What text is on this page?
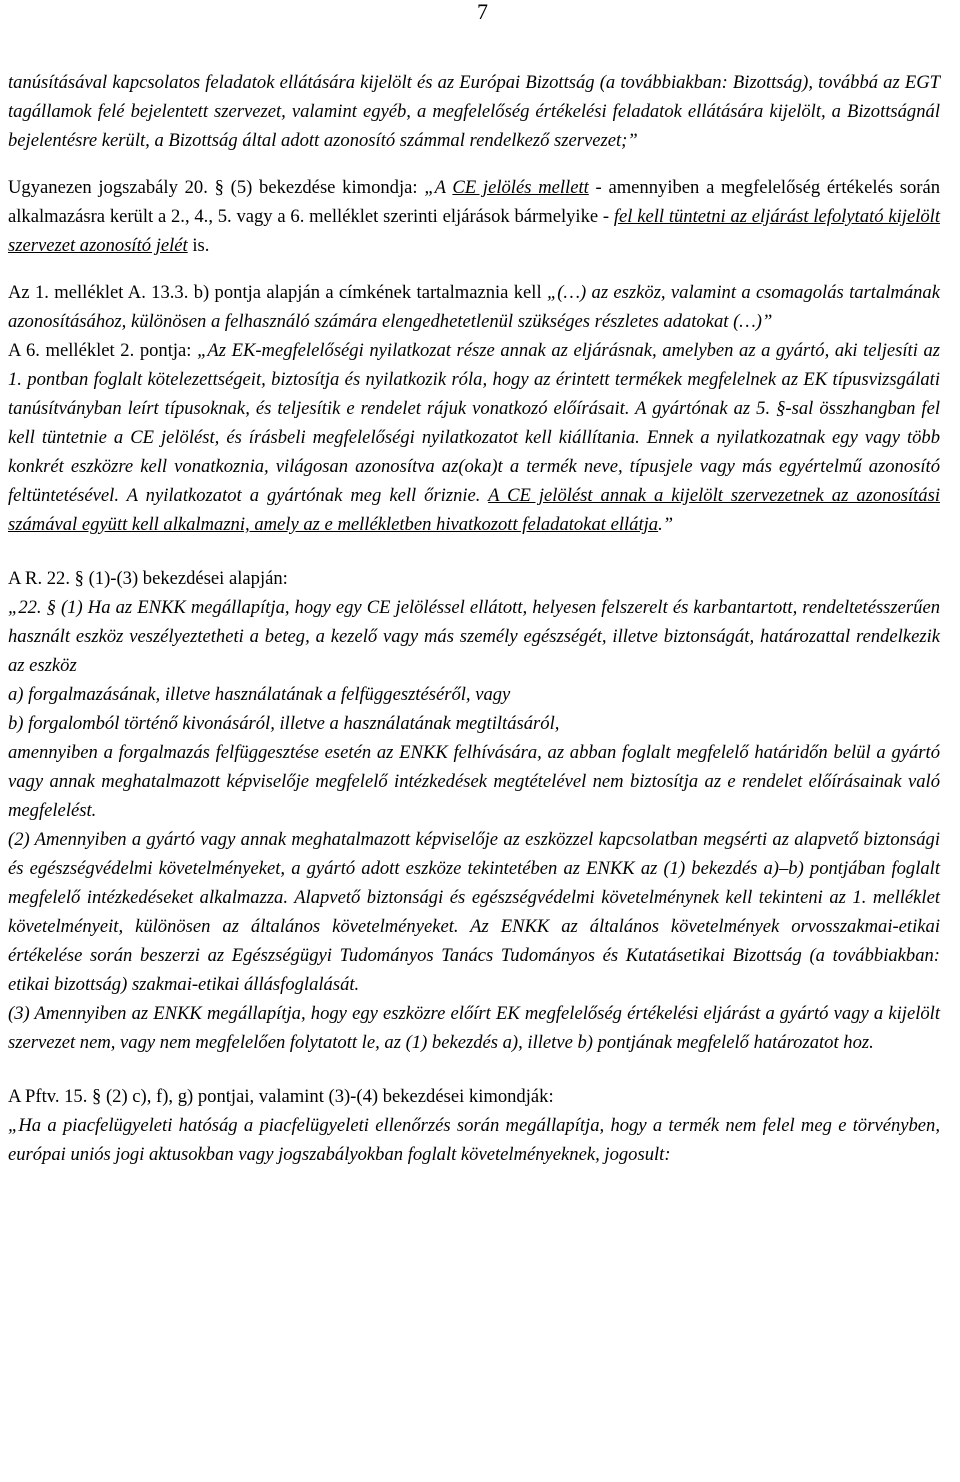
7

tanúsításával kapcsolatos feladatok ellátására kijelölt és az Európai Bizottság (a továbbiakban: Bizottság), továbbá az EGT tagállamok felé bejelentett szervezet, valamint egyéb, a megfelelőség értékelési feladatok ellátására kijelölt, a Bizottságnál bejelentésre került, a Bizottság által adott azonosító számmal rendelkező szervezet;”

Ugyanezen jogszabály 20. § (5) bekezdése kimondja: „A CE jelölés mellett - amennyiben a megfelelőség értékelés során alkalmazásra került a 2., 4., 5. vagy a 6. melléklet szerinti eljárások bármelyike - fel kell tüntetni az eljárást lefolytató kijelölt szervezet azonosító jelét is.

Az 1. melléklet A. 13.3. b) pontja alapján a címkének tartalmaznia kell „(…) az eszköz, valamint a csomagolás tartalmának azonosításához, különösen a felhasználó számára elengedhetetlenül szükséges részletes adatokat (…)”
A 6. melléklet 2. pontja: „Az EK-megfelelőségi nyilatkozat része annak az eljárásnak, amelyben az a gyártó, aki teljesíti az 1. pontban foglalt kötelezettségeit, biztosítja és nyilatkozik róla, hogy az érintett termékek megfelelnek az EK típusvizsgálati tanúsítványban leírt típusoknak, és teljesítik e rendelet rájuk vonatkozó előírásait. A gyártónak az 5. §-sal összhangban fel kell tüntetnie a CE jelölést, és írásbeli megfelelőségi nyilatkozatot kell kiállítania. Ennek a nyilatkozatnak egy vagy több konkrét eszközre kell vonatkoznia, világosan azonosítva az(oka)t a termék neve, típusjele vagy más egyértelmű azonosító feltüntetésével. A nyilatkozatot a gyártónak meg kell őriznie. A CE jelölést annak a kijelölt szervezetnek az azonosítási számával együtt kell alkalmazni, amely az e mellékletben hivatkozott feladatokat ellátja.”

A R. 22. § (1)-(3) bekezdései alapján:
„22. § (1) Ha az ENKK megállapítja, hogy egy CE jelöléssel ellátott, helyesen felszerelt és karbantartott, rendeltetésszerűen használt eszköz veszélyeztetheti a beteg, a kezelő vagy más személy egészségét, illetve biztonságát, határozattal rendelkezik az eszköz
a) forgalmazásának, illetve használatának a felfüggesztéséről, vagy
b) forgalomból történő kivonásáról, illetve a használatának megtiltásáról,
amennyiben a forgalmazás felfüggesztése esetén az ENKK felhívására, az abban foglalt megfelelő határidőn belül a gyártó vagy annak meghatalmazott képviselője megfelelő intézkedések megtételével nem biztosítja az e rendelet előírásainak való megfelelést.
(2) Amennyiben a gyártó vagy annak meghatalmazott képviselője az eszközzel kapcsolatban megsérti az alapvető biztonsági és egészségvédelmi követelményeket, a gyártó adott eszköze tekintetében az ENKK az (1) bekezdés a)–b) pontjában foglalt megfelelő intézkedéseket alkalmazza. Alapvető biztonsági és egészségvédelmi követelménynek kell tekinteni az 1. melléklet követelményeit, különösen az általános követelményeket. Az ENKK az általános követelmények orvosszakmai-etikai értékelése során beszerzi az Egészségügyi Tudományos Tanács Tudományos és Kutatásetikai Bizottság (a továbbiakban: etikai bizottság) szakmai-etikai állásfoglalását.
(3) Amennyiben az ENKK megállapítja, hogy egy eszközre előírt EK megfelelőség értékelési eljárást a gyártó vagy a kijelölt szervezet nem, vagy nem megfelelően folytatott le, az (1) bekezdés a), illetve b) pontjának megfelelő határozatot hoz.
A Pftv. 15. § (2) c), f), g) pontjai, valamint (3)-(4) bekezdései kimondják:
„Ha a piacfelügyeleti hatóság a piacfelügyeleti ellenőrzés során megállapítja, hogy a termék nem felel meg e törvényben, európai uniós jogi aktusokban vagy jogszabályokban foglalt követelményeknek, jogosult:
